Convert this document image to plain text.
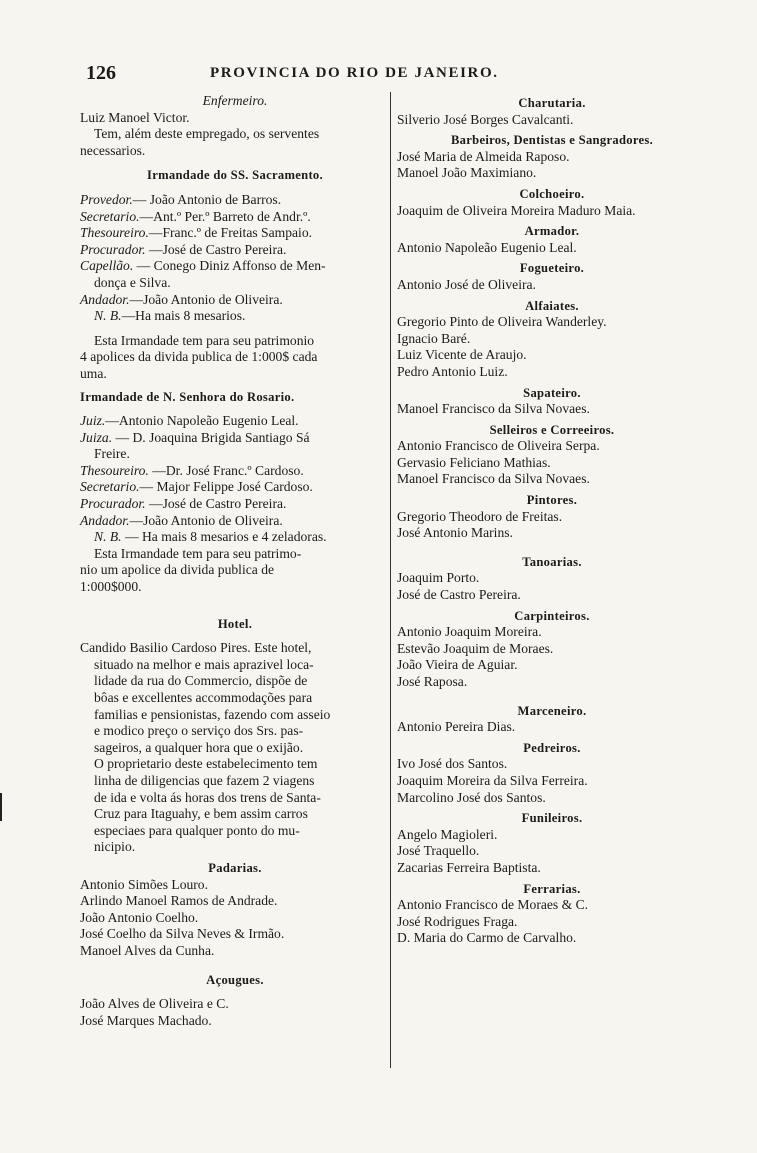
126	PROVINCIA DO RIO DE JANEIRO.
Enfermeiro.
Luiz Manoel Victor.
Tem, além deste empregado, os serventes
necessarios.
Irmandade do SS. Sacramento.
Provedor.— João Antonio de Barros.
Secretario.—Ant.º Per.º Barreto de Andr.º.
Thesoureiro.—Franc.º de Freitas Sampaio.
Procurador. —José de Castro Pereira.
Capellão. — Conego Diniz Affonso de Men-
donça e Silva.
Andador.—João Antonio de Oliveira.
N. B.—Ha mais 8 mesarios.
Esta Irmandade tem para seu patrimonio
4 apolices da divida publica de 1:000$ cada
uma.
Irmandade de N. Senhora do Rosario.
Juiz.—Antonio Napoleão Eugenio Leal.
Juiza. — D. Joaquina Brigida Santiago Sá
Freire.
Thesoureiro. —Dr. José Franc.º Cardoso.
Secretario.— Major Felippe José Cardoso.
Procurador. —José de Castro Pereira.
Andador.—João Antonio de Oliveira.
N. B. — Ha mais 8 mesarios e 4 zeladoras.
Esta Irmandade tem para seu patrimo-
nio um apolice da divida publica de
1:000$000.
Hotel.
Candido Basilio Cardoso Pires. Este hotel,
situado na melhor e mais aprazivel loca-
lidade da rua do Commercio, dispõe de
bôas e excellentes accommodações para
familias e pensionistas, fazendo com asseio
e modico preço o serviço dos Srs. pas-
sageiros, a qualquer hora que o exijão.
O proprietario deste estabelecimento tem
linha de diligencias que fazem 2 viagens
de ida e volta ás horas dos trens de Santa-
Cruz para Itaguahy, e bem assim carros
especiaes para qualquer ponto do mu-
nicipio.
Padarias.
Antonio Simões Louro.
Arlindo Manoel Ramos de Andrade.
João Antonio Coelho.
José Coelho da Silva Neves & Irmão.
Manoel Alves da Cunha.
Açougues.
João Alves de Oliveira e C.
José Marques Machado.
Charutaria.
Silverio José Borges Cavalcanti.
Barbeiros, Dentistas e Sangradores.
José Maria de Almeida Raposo.
Manoel João Maximiano.
Colchoeiro.
Joaquim de Oliveira Moreira Maduro Maia.
Armador.
Antonio Napoleão Eugenio Leal.
Fogueteiro.
Antonio José de Oliveira.
Alfaiates.
Gregorio Pinto de Oliveira Wanderley.
Ignacio Baré.
Luiz Vicente de Araujo.
Pedro Antonio Luiz.
Sapateiro.
Manoel Francisco da Silva Novaes.
Selleiros e Correeiros.
Antonio Francisco de Oliveira Serpa.
Gervasio Feliciano Mathias.
Manoel Francisco da Silva Novaes.
Pintores.
Gregorio Theodoro de Freitas.
José Antonio Marins.
Tanoarias.
Joaquim Porto.
José de Castro Pereira.
Carpinteiros.
Antonio Joaquim Moreira.
Estevão Joaquim de Moraes.
João Vieira de Aguiar.
José Raposa.
Marceneiro.
Antonio Pereira Dias.
Pedreiros.
Ivo José dos Santos.
Joaquim Moreira da Silva Ferreira.
Marcolino José dos Santos.
Funileiros.
Angelo Magioleri.
José Traquello.
Zacarias Ferreira Baptista.
Ferrarias.
Antonio Francisco de Moraes & C.
José Rodrigues Fraga.
D. Maria do Carmo de Carvalho.
